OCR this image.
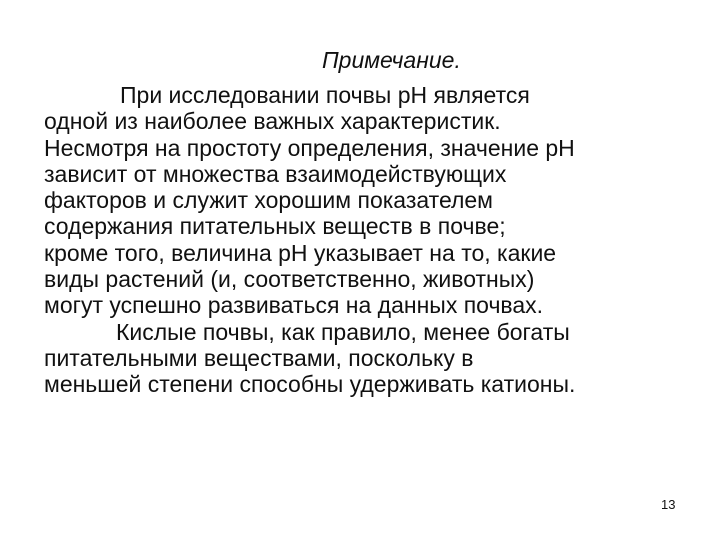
Примечание.
При исследовании почвы рН является
одной из наиболее важных характеристик.
Несмотря на простоту определения, значение рН
зависит от множества взаимодействующих
факторов и служит хорошим показателем
содержания питательных веществ в почве;
кроме того, величина рН указывает на то, какие
виды растений (и, соответственно, животных)
могут успешно развиваться на данных почвах.
Кислые почвы, как правило, менее богаты
питательными веществами, поскольку в
меньшей степени способны удерживать катионы.
13
